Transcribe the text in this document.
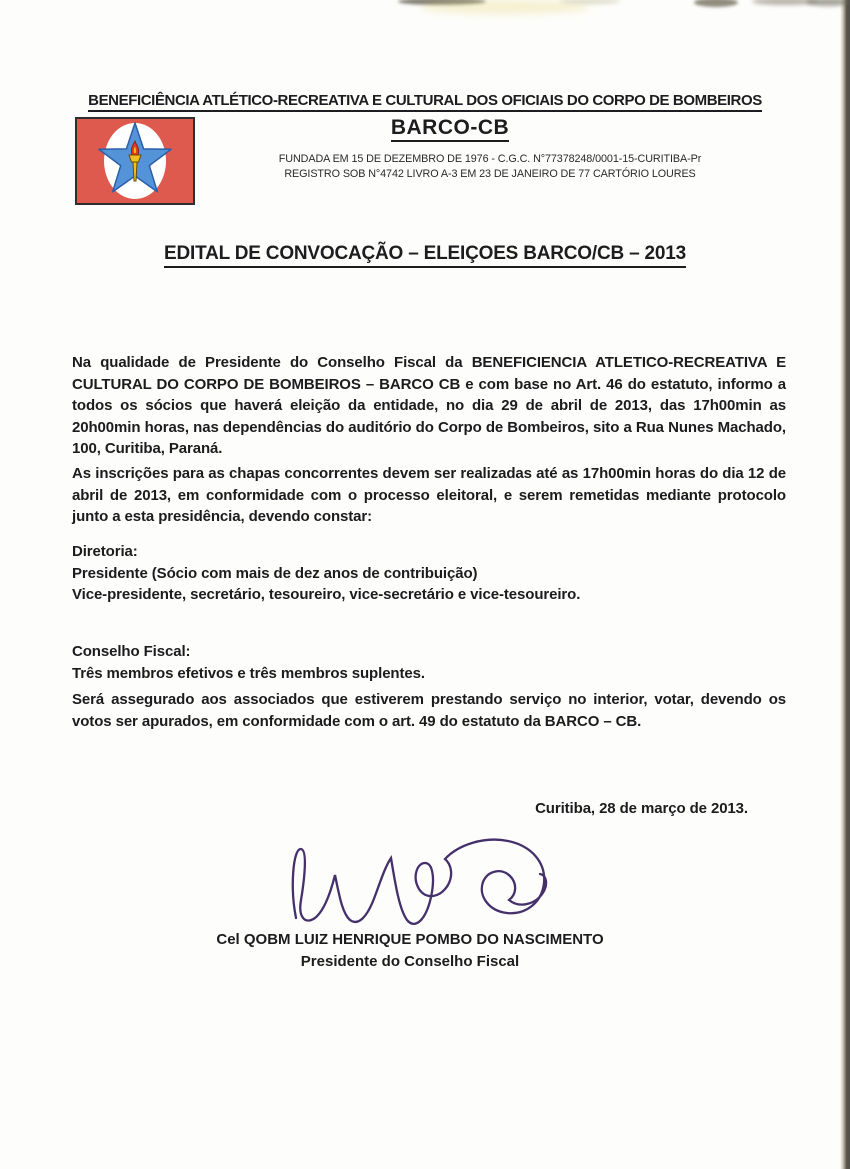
BENEFICIÊNCIA ATLÉTICO-RECREATIVA E CULTURAL DOS OFICIAIS DO CORPO DE BOMBEIROS
BARCO-CB
FUNDADA EM 15 DE DEZEMBRO DE 1976 - C.G.C. N°77378248/0001-15-CURITIBA-Pr
REGISTRO SOB N°4742 LIVRO A-3 EM 23 DE JANEIRO DE 77 CARTÓRIO LOURES
EDITAL DE CONVOCAÇÃO – ELEIÇOES BARCO/CB – 2013
Na qualidade de Presidente do Conselho Fiscal da BENEFICIENCIA ATLETICO-RECREATIVA E CULTURAL DO CORPO DE BOMBEIROS – BARCO CB e com base no Art. 46 do estatuto, informo a todos os sócios que haverá eleição da entidade, no dia 29 de abril de 2013, das 17h00min as 20h00min horas, nas dependências do auditório do Corpo de Bombeiros, sito a Rua Nunes Machado, 100, Curitiba, Paraná.
As inscrições para as chapas concorrentes devem ser realizadas até as 17h00min horas do dia 12 de abril de 2013, em conformidade com o processo eleitoral, e serem remetidas mediante protocolo junto a esta presidência, devendo constar:
Diretoria:
Presidente (Sócio com mais de dez anos de contribuição)
Vice-presidente, secretário, tesoureiro, vice-secretário e vice-tesoureiro.
Conselho Fiscal:
Três membros efetivos e três membros suplentes.
Será assegurado aos associados que estiverem prestando serviço no interior, votar, devendo os votos ser apurados, em conformidade com o art. 49 do estatuto da BARCO – CB.
Curitiba, 28 de março de 2013.
Cel QOBM LUIZ HENRIQUE POMBO DO NASCIMENTO
Presidente do Conselho Fiscal
